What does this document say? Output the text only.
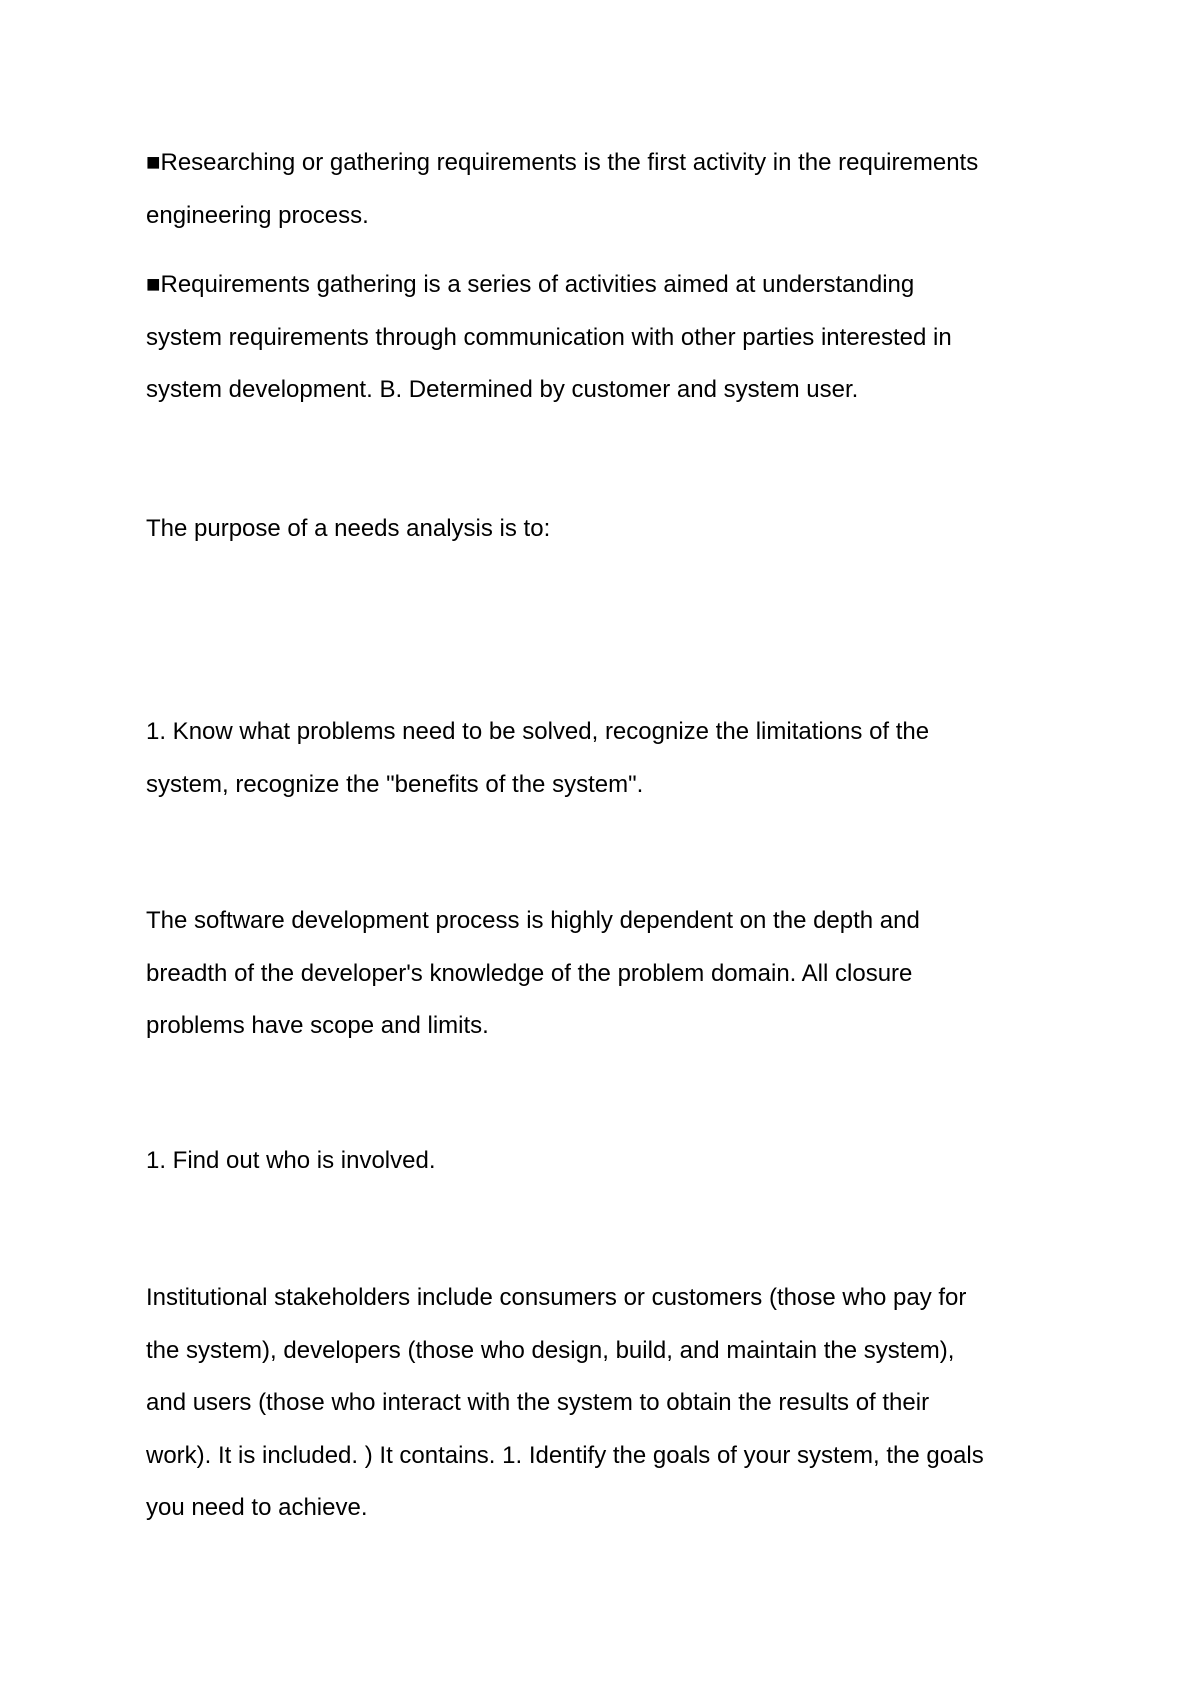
■Researching or gathering requirements is the first activity in the requirements
engineering process.

■Requirements gathering is a series of activities aimed at understanding
system requirements through communication with other parties interested in
system development. B. Determined by customer and system user.

The purpose of a needs analysis is to:

1. Know what problems need to be solved, recognize the limitations of the
system, recognize the "benefits of the system".

The software development process is highly dependent on the depth and
breadth of the developer's knowledge of the problem domain. All closure
problems have scope and limits.

1. Find out who is involved.

Institutional stakeholders include consumers or customers (those who pay for
the system), developers (those who design, build, and maintain the system),
and users (those who interact with the system to obtain the results of their
work). It is included. ) It contains. 1. Identify the goals of your system, the goals
you need to achieve.
